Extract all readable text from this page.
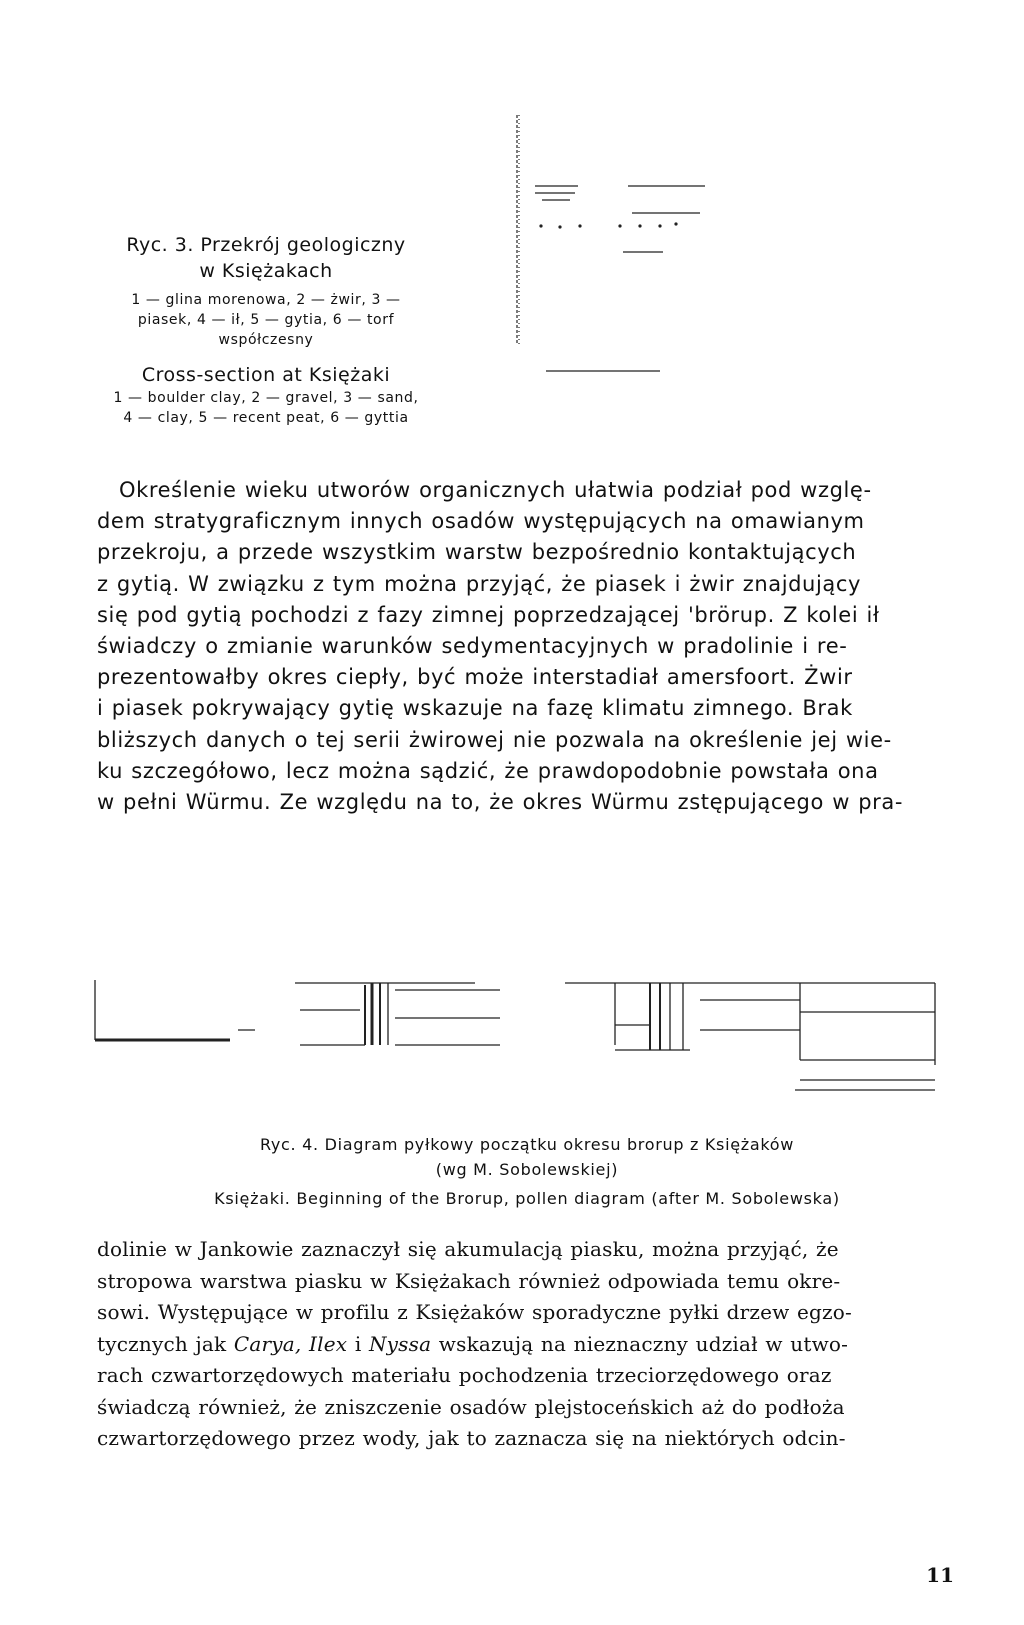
Ryc. 3. Przekrój geologiczny
w Księżakach
1 — glina morenowa, 2 — żwir, 3 —
piasek, 4 — ił, 5 — gytia, 6 — torf
współczesny
Cross-section at Księżaki
1 — boulder clay, 2 — gravel, 3 — sand,
4 — clay, 5 — recent peat, 6 — gyttia
Określenie wieku utworów organicznych ułatwia podział pod wzglę-
dem stratygraficznym innych osadów występujących na omawianym
przekroju, a przede wszystkim warstw bezpośrednio kontaktujących
z gytią. W związku z tym można przyjąć, że piasek i żwir znajdujący
się pod gytią pochodzi z fazy zimnej poprzedzającej 'brörup. Z kolei ił
świadczy o zmianie warunków sedymentacyjnych w pradolinie i re-
prezentowałby okres ciepły, być może interstadiał amersfoort. Żwir
i piasek pokrywający gytię wskazuje na fazę klimatu zimnego. Brak
bliższych danych o tej serii żwirowej nie pozwala na określenie jej wie-
ku szczegółowo, lecz można sądzić, że prawdopodobnie powstała ona
w pełni Würmu. Ze względu na to, że okres Würmu zstępującego w pra-
Ryc. 4. Diagram pyłkowy początku okresu brorup z Księżaków
(wg M. Sobolewskiej)
Księżaki. Beginning of the Brorup, pollen diagram (after M. Sobolewska)
dolinie w Jankowie zaznaczył się akumulacją piasku, można przyjąć, że
stropowa warstwa piasku w Księżakach również odpowiada temu okre-
sowi. Występujące w profilu z Księżaków sporadyczne pyłki drzew egzo-
tycznych jak Carya, Ilex i Nyssa wskazują na nieznaczny udział w utwo-
rach czwartorzędowych materiału pochodzenia trzeciorzędowego oraz
świadczą również, że zniszczenie osadów plejstoceńskich aż do podłoża
czwartorzędowego przez wody, jak to zaznacza się na niektórych odcin-
11
